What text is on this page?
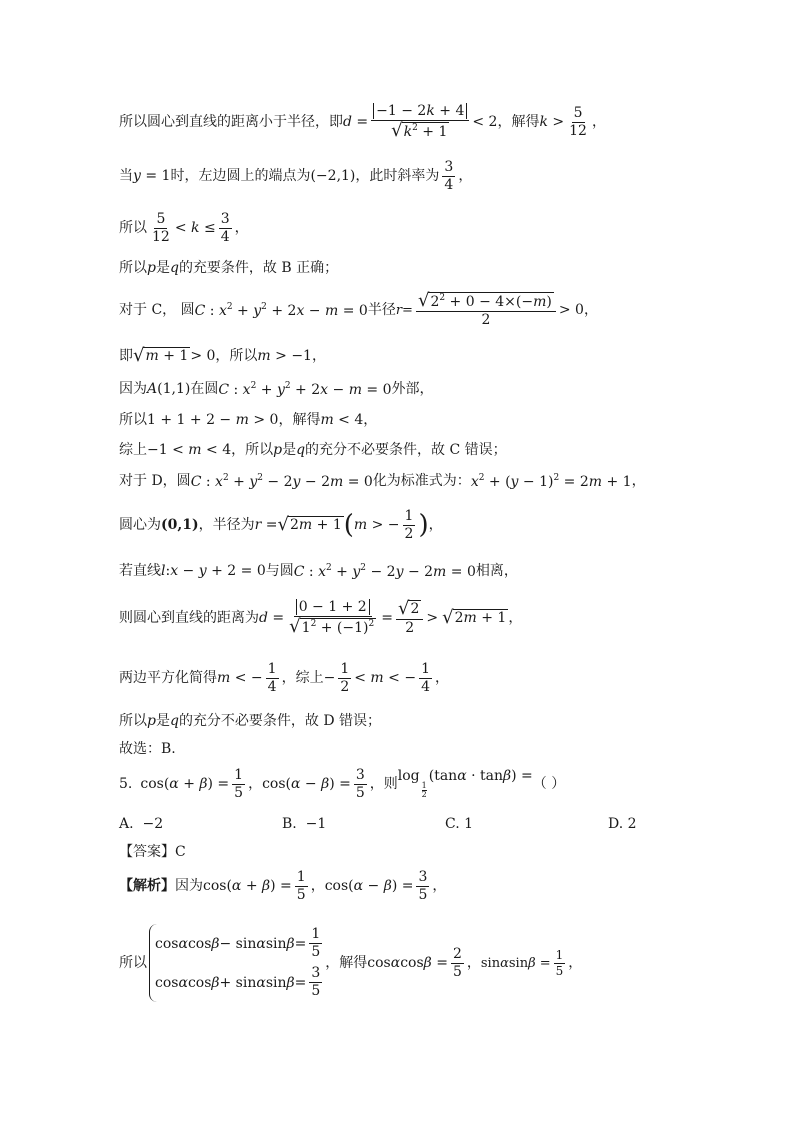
所以圆心到直线的距离小于半径，即 $d = \frac{-1 - 2k + 4}{√ k^2 + 1} < 2$ ，解得 $k > \frac{5}{12}$ ，
当 y = 1 时，左边圆上的端点为 (−2,1) ，此时斜率为 $\frac{3}{4}$ ，
所以 $\frac{5}{12} < k \le \frac{3}{4}$ ，
所以 p 是 q 的充要条件，故 B 正确；
对于 C， 圆 C : $x^2 + y^2 + 2x - m = 0$ 半径 $r = \frac{√ 2^2 + 0 - 4\times(-m)}{2} > 0$ ，
即 √ m + 1 > 0 ，所以 m > −1 ，
因为 A(1,1) 在圆 C : $x^2 + y^2 + 2x - m = 0$ 外部，
所以 1 + 1 + 2 − m > 0 ，解得 m < 4 ，
综上 −1 < m < 4 ，所以 p 是 q 的充分不必要条件，故 C 错误；
对于 D，圆 C : $x^2 + y^2 - 2y - 2m = 0$ 化为标准式为： $x^2 + (y - 1)^2 = 2m + 1$ ，
圆心为 (0,1) ，半径为 r = √ 2m + 1 ( m > − $\frac{1}{2}$ ) ，
若直线 l:x − y + 2 = 0 与圆 C : $x^2 + y^2 - 2y - 2m = 0$ 相离，
则圆心到直线的距离为 $d = \frac{0 - 1 + 2}{√ 1^2 + (-1)^2} = \frac{√ 2}{2}$ > √ 2m + 1 ，
两边平方化简得 m < − $\frac{1}{4}$ ，综上 − $\frac{1}{2} < m$ < − $\frac{1}{4}$ ，
所以 p 是 q 的充分不必要条件，故 D 错误；
故选：B.
5. $\cos(\alpha + \beta) = \frac{1}{5}$ ， $\cos(\alpha - \beta) = \frac{3}{5}$ ，则 log
$\frac{1}{2}$
(tanα · tanβ) = （ ）
A. −2	B. −1	C. 1	D. 2
【答案】C
【解析】 因为 $\cos(\alpha + \beta) = \frac{1}{5}$ ， $\cos(\alpha - \beta) = \frac{3}{5}$ ，
所以
cos α cos β − sin α $\sin \beta = \frac{1}{5}$
cos α cos β + sin α $\sin \beta = \frac{3}{5}$
，解得 $\cos\alpha\cos\beta = \frac{2}{5}$ ， $\sin\alpha\sin\beta = \frac{1}{5}$ ，
